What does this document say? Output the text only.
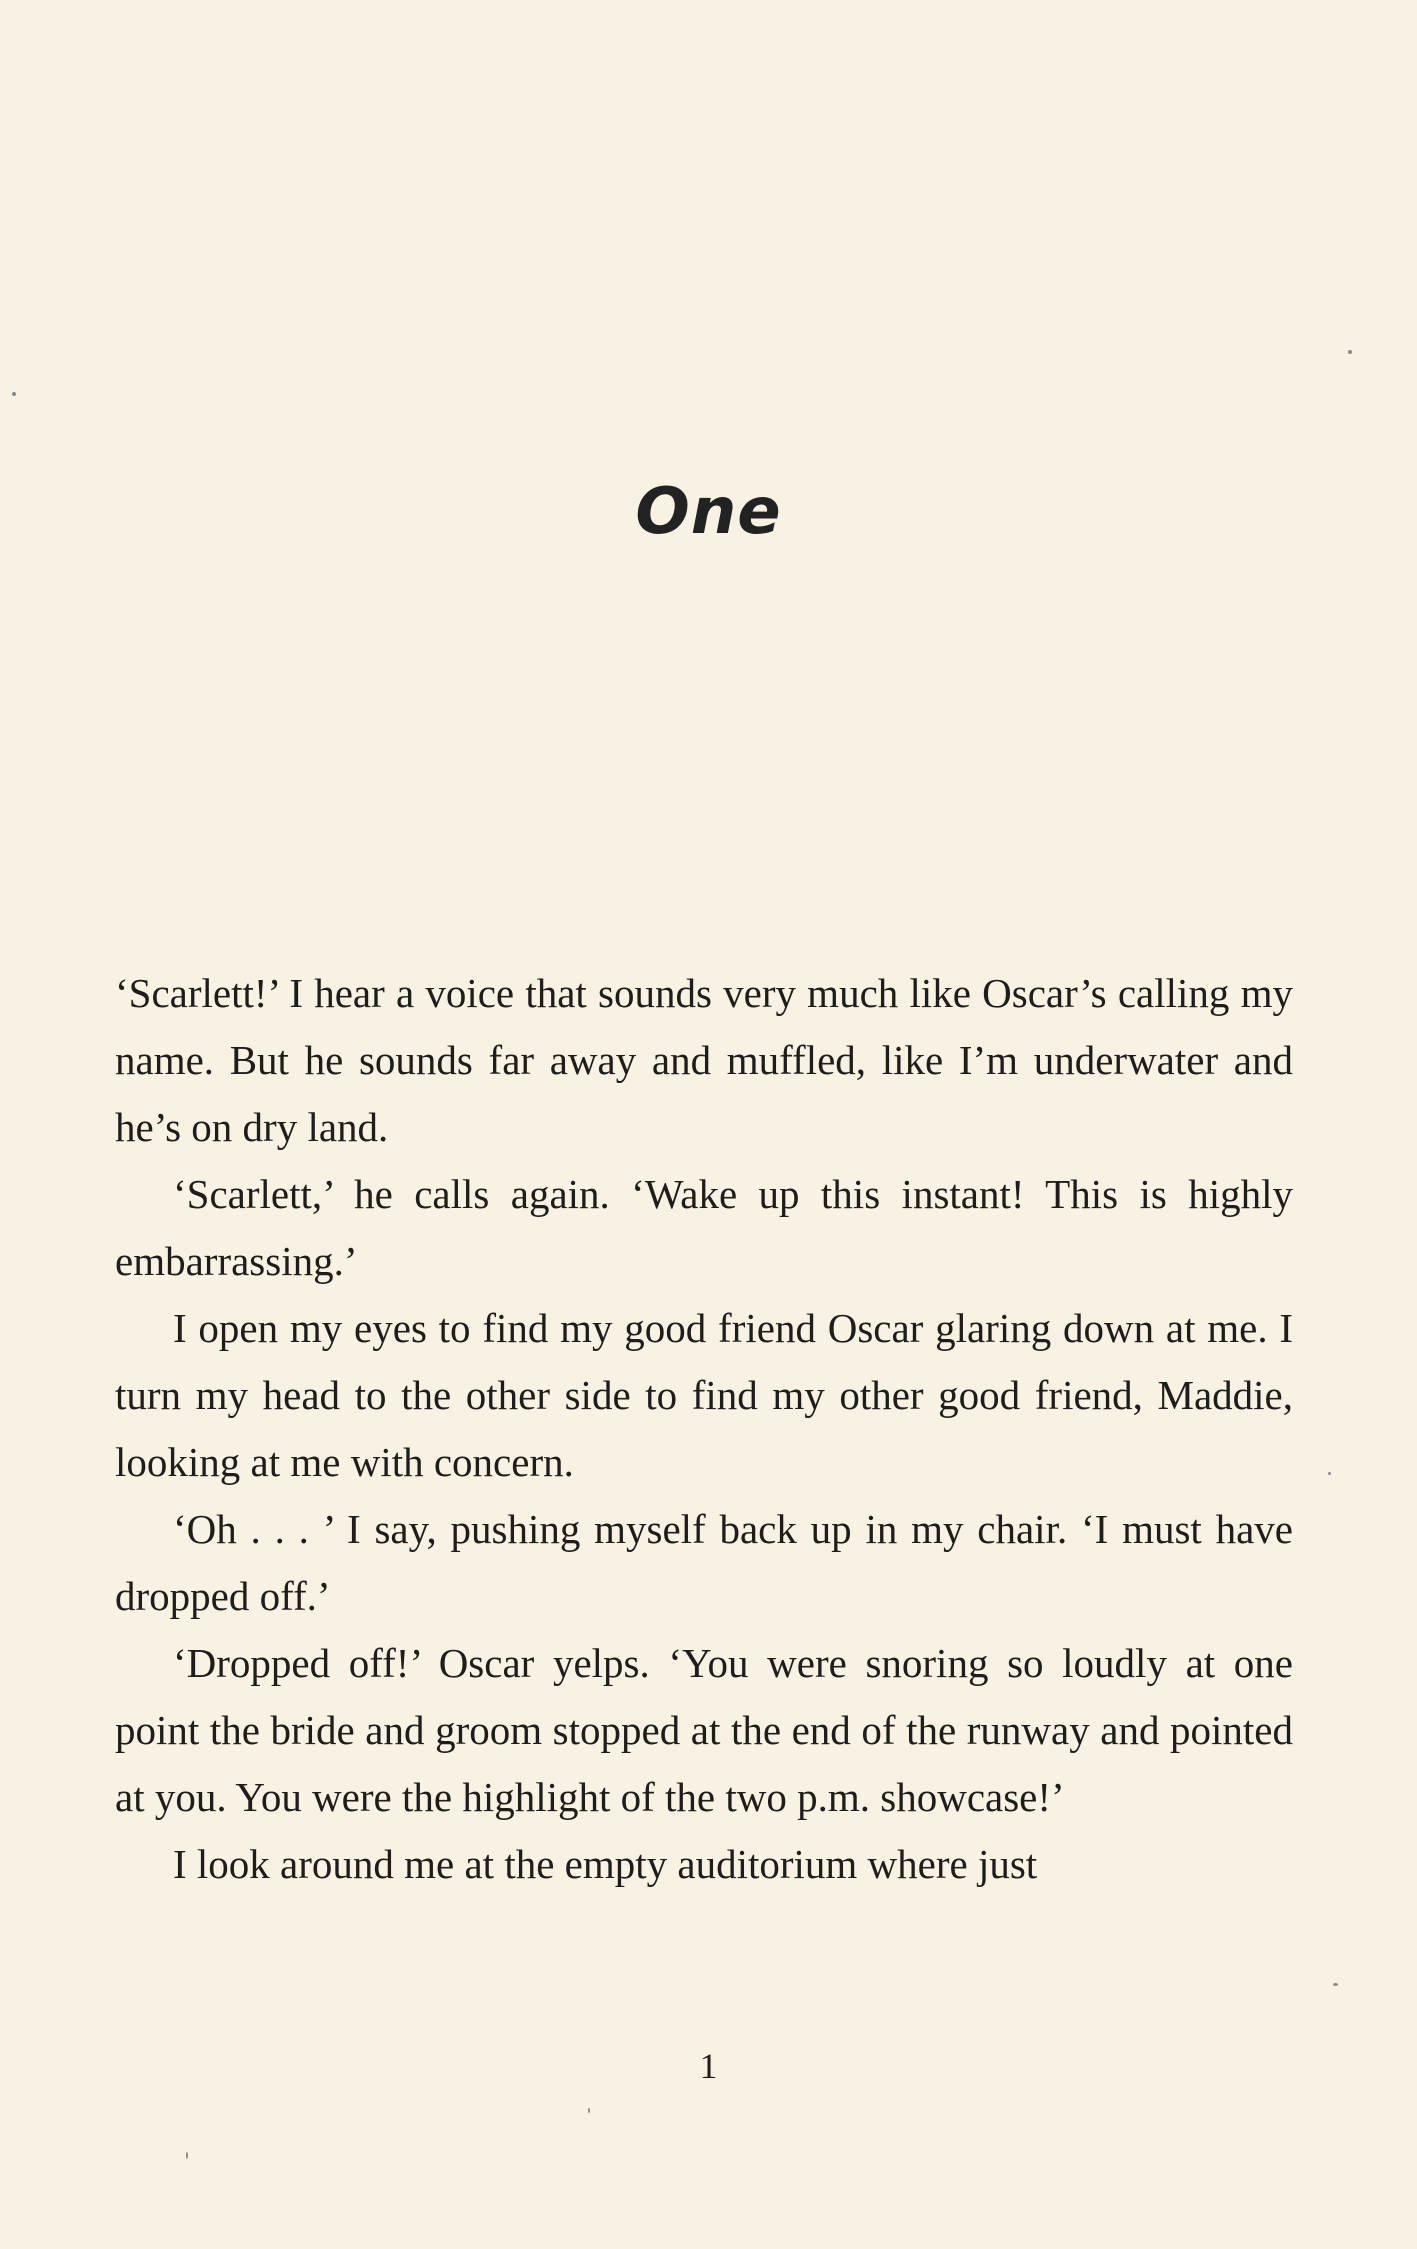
One

‘Scarlett!’ I hear a voice that sounds very much like Oscar’s calling my name. But he sounds far away and muffled, like I’m underwater and he’s on dry land.

‘Scarlett,’ he calls again. ‘Wake up this instant! This is highly embarrassing.’

I open my eyes to find my good friend Oscar glaring down at me. I turn my head to the other side to find my other good friend, Maddie, looking at me with concern.

‘Oh . . . ’ I say, pushing myself back up in my chair. ‘I must have dropped off.’

‘Dropped off!’ Oscar yelps. ‘You were snoring so loudly at one point the bride and groom stopped at the end of the runway and pointed at you. You were the highlight of the two p.m. showcase!’

I look around me at the empty auditorium where just

1
